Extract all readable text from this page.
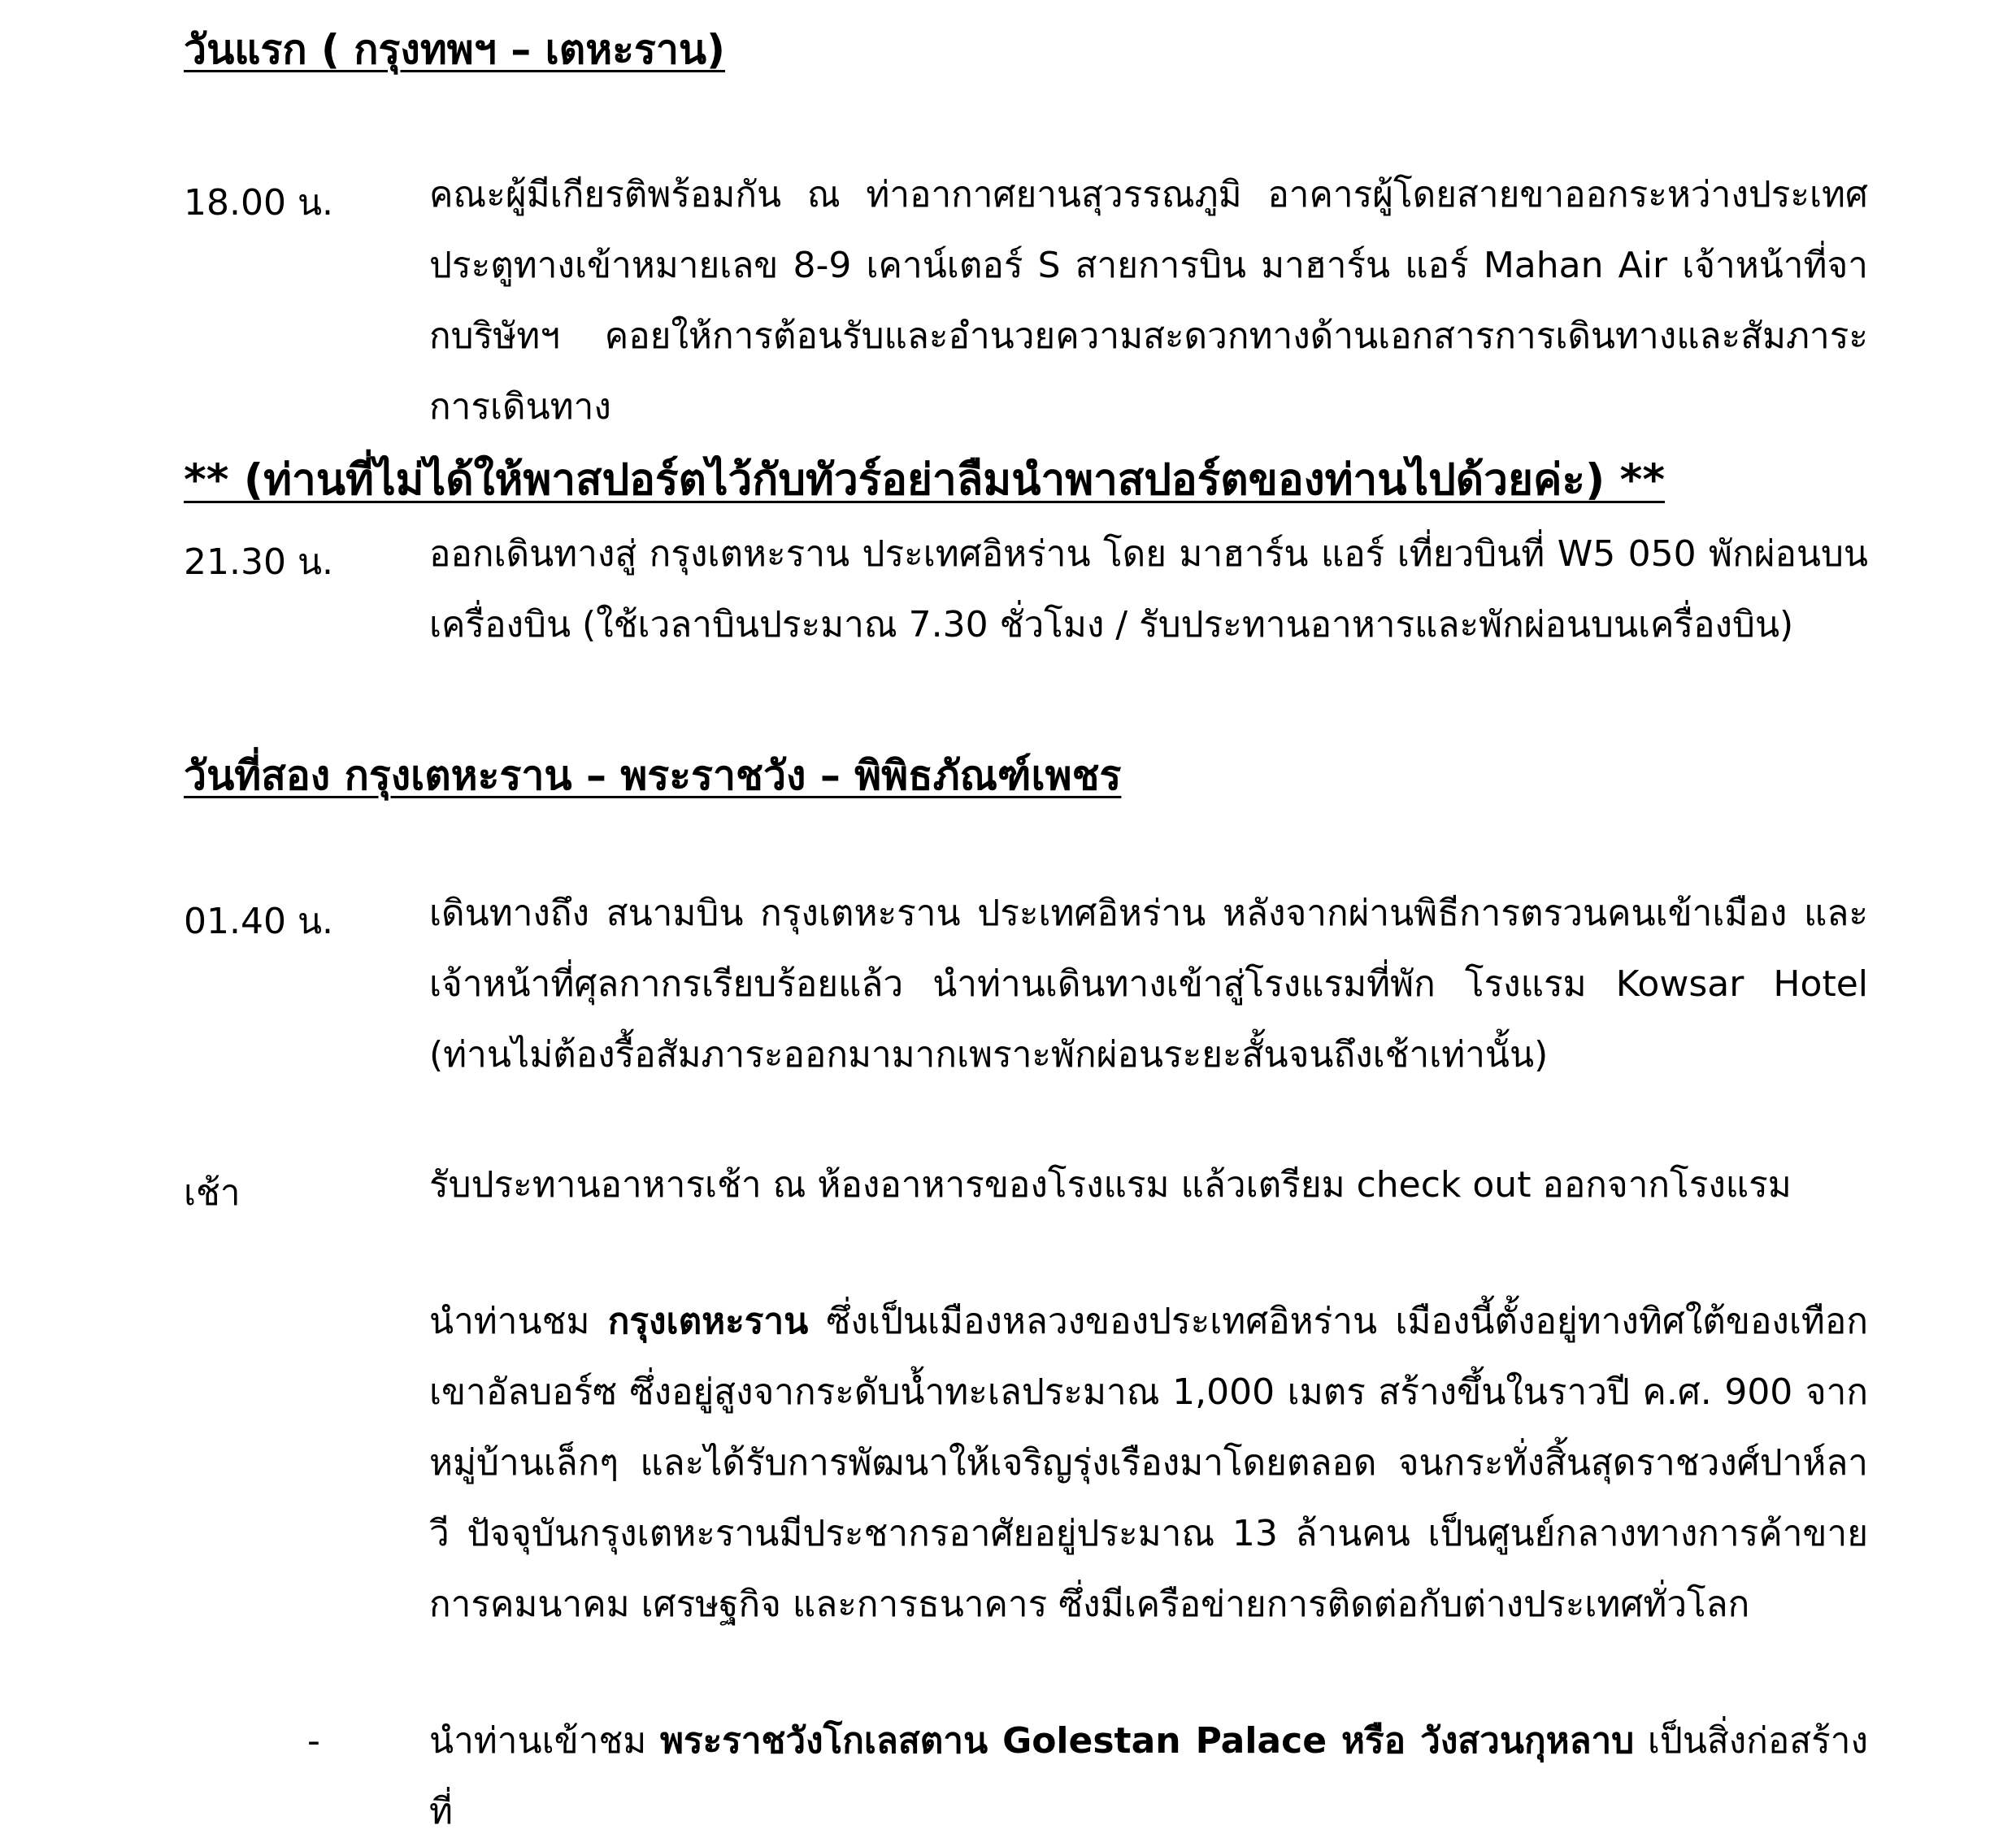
วันแรก ( กรุงทพฯ – เตหะราน)
18.00 น.	คณะผู้มีเกียรติพร้อมกัน ณ ท่าอากาศยานสุวรรณภูมิ อาคารผู้โดยสายขาออกระหว่างประเทศ ประตูทางเข้าหมายเลข 8-9 เคาน์เตอร์ S สายการบิน มาฮาร์น แอร์ Mahan Air เจ้าหน้าที่จากบริษัทฯ คอยให้การต้อนรับและอำนวยความสะดวกทางด้านเอกสารการเดินทางและสัมภาระการเดินทาง
** (ท่านที่ไม่ได้ให้พาสปอร์ตไว้กับทัวร์อย่าลืมนำพาสปอร์ตของท่านไปด้วยค่ะ) **
21.30 น.	ออกเดินทางสู่ กรุงเตหะราน ประเทศอิหร่าน โดย มาฮาร์น แอร์ เที่ยวบินที่ W5 050 พักผ่อนบนเครื่องบิน (ใช้เวลาบินประมาณ 7.30 ชั่วโมง / รับประทานอาหารและพักผ่อนบนเครื่องบิน)
วันที่สอง กรุงเตหะราน – พระราชวัง – พิพิธภัณฑ์เพชร
01.40 น.	เดินทางถึง สนามบิน กรุงเตหะราน ประเทศอิหร่าน หลังจากผ่านพิธีการตรวนคนเข้าเมือง และเจ้าหน้าที่ศุลกากรเรียบร้อยแล้ว นำท่านเดินทางเข้าสู่โรงแรมที่พัก โรงแรม Kowsar Hotel (ท่านไม่ต้องรื้อสัมภาระออกมามากเพราะพักผ่อนระยะสั้นจนถึงเช้าเท่านั้น)
เช้า	รับประทานอาหารเช้า ณ ห้องอาหารของโรงแรม แล้วเตรียม check out ออกจากโรงแรม
นำท่านชม กรุงเตหะราน ซึ่งเป็นเมืองหลวงของประเทศอิหร่าน เมืองนี้ตั้งอยู่ทางทิศใต้ของเทือกเขาอัลบอร์ซ ซึ่งอยู่สูงจากระดับน้ำทะเลประมาณ 1,000 เมตร สร้างขึ้นในราวปี ค.ศ. 900 จากหมู่บ้านเล็กๆ และได้รับการพัฒนาให้เจริญรุ่งเรืองมาโดยตลอด จนกระทั่งสิ้นสุดราชวงศ์ปาห์ลาวี ปัจจุบันกรุงเตหะรานมีประชากรอาศัยอยู่ประมาณ 13 ล้านคน เป็นศูนย์กลางทางการค้าขาย การคมนาคม เศรษฐกิจ และการธนาคาร ซึ่งมีเครือข่ายการติดต่อกับต่างประเทศทั่วโลก
-	นำท่านเข้าชม พระราชวังโกเลสตาน Golestan Palace หรือ วังสวนกุหลาบ เป็นสิ่งก่อสร้างที่
